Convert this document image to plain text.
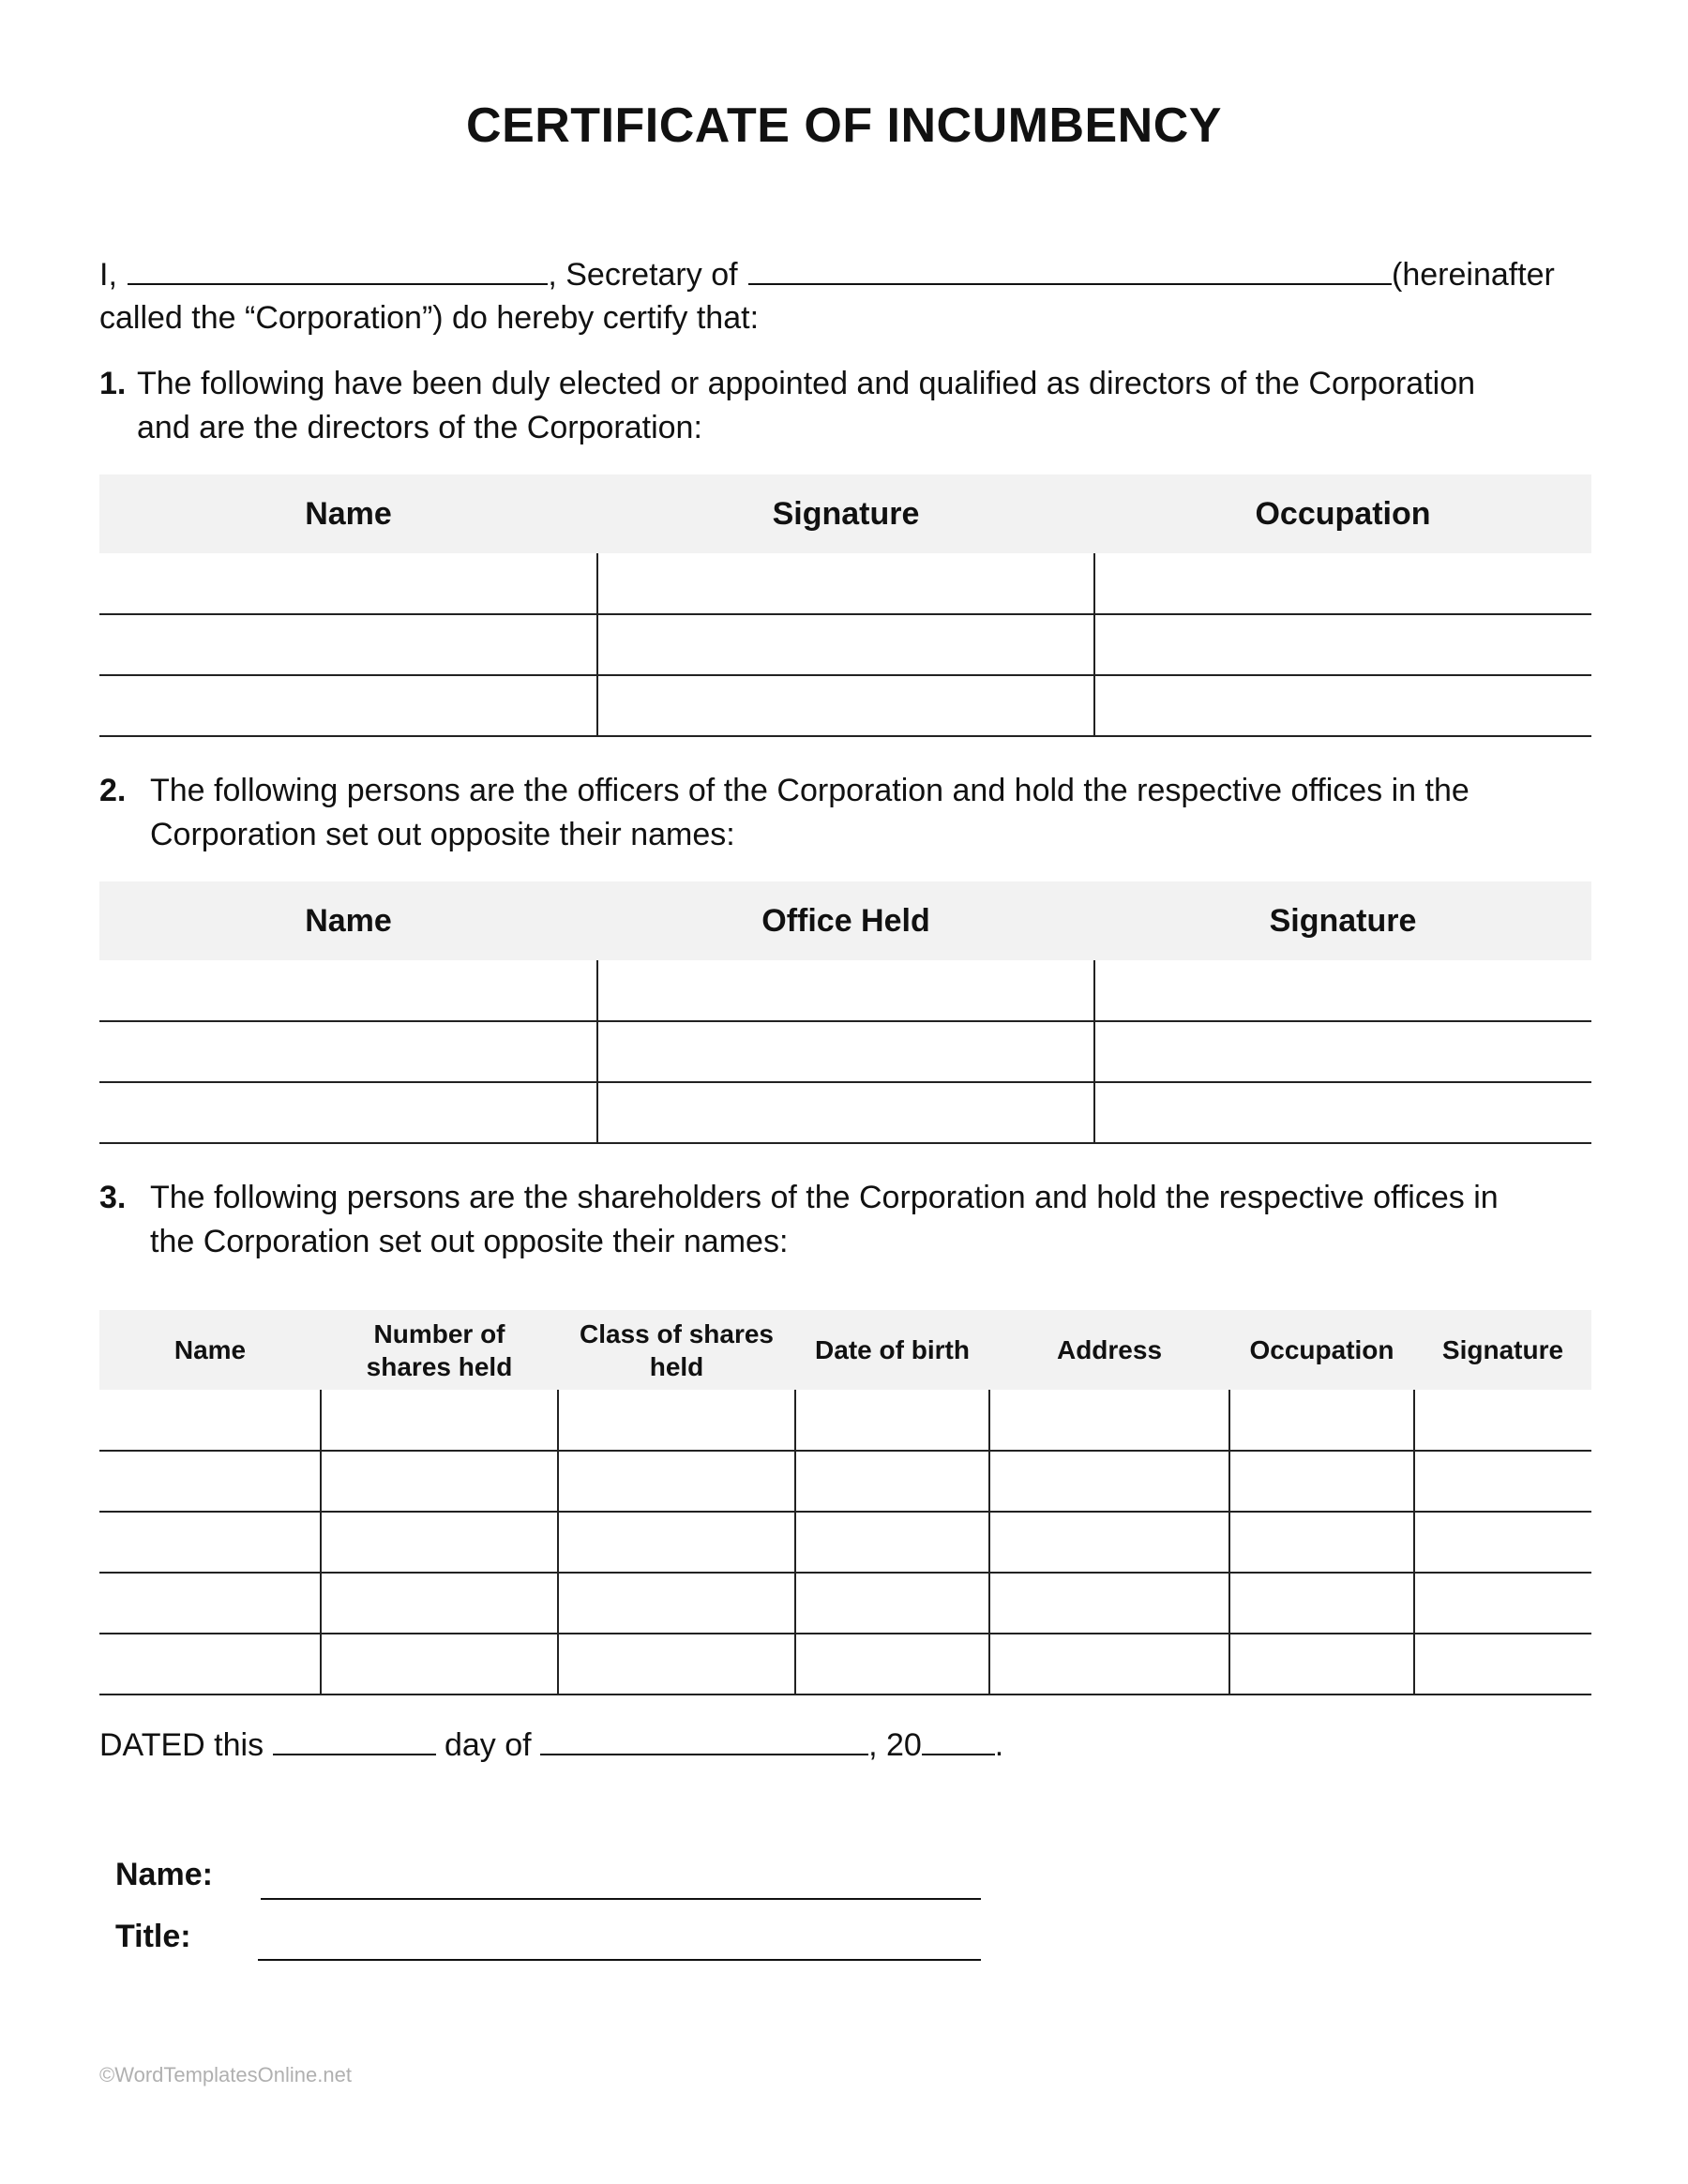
CERTIFICATE OF INCUMBENCY
I,	, Secretary of	(hereinafter
called the “Corporation”) do hereby certify that:
1. The following have been duly elected or appointed and qualified as directors of the Corporation
and are the directors of the Corporation:
Name	Signature	Occupation

2. The following persons are the officers of the Corporation and hold the respective offices in the
Corporation set out opposite their names:
Name	Office Held	Signature

3. The following persons are the shareholders of the Corporation and hold the respective offices in
the Corporation set out opposite their names:
Name	Number of shares held	Class of shares held	Date of birth	Address	Occupation	Signature

DATED this	day of	, 20 .
Name:
Title:
©WordTemplatesOnline.net
